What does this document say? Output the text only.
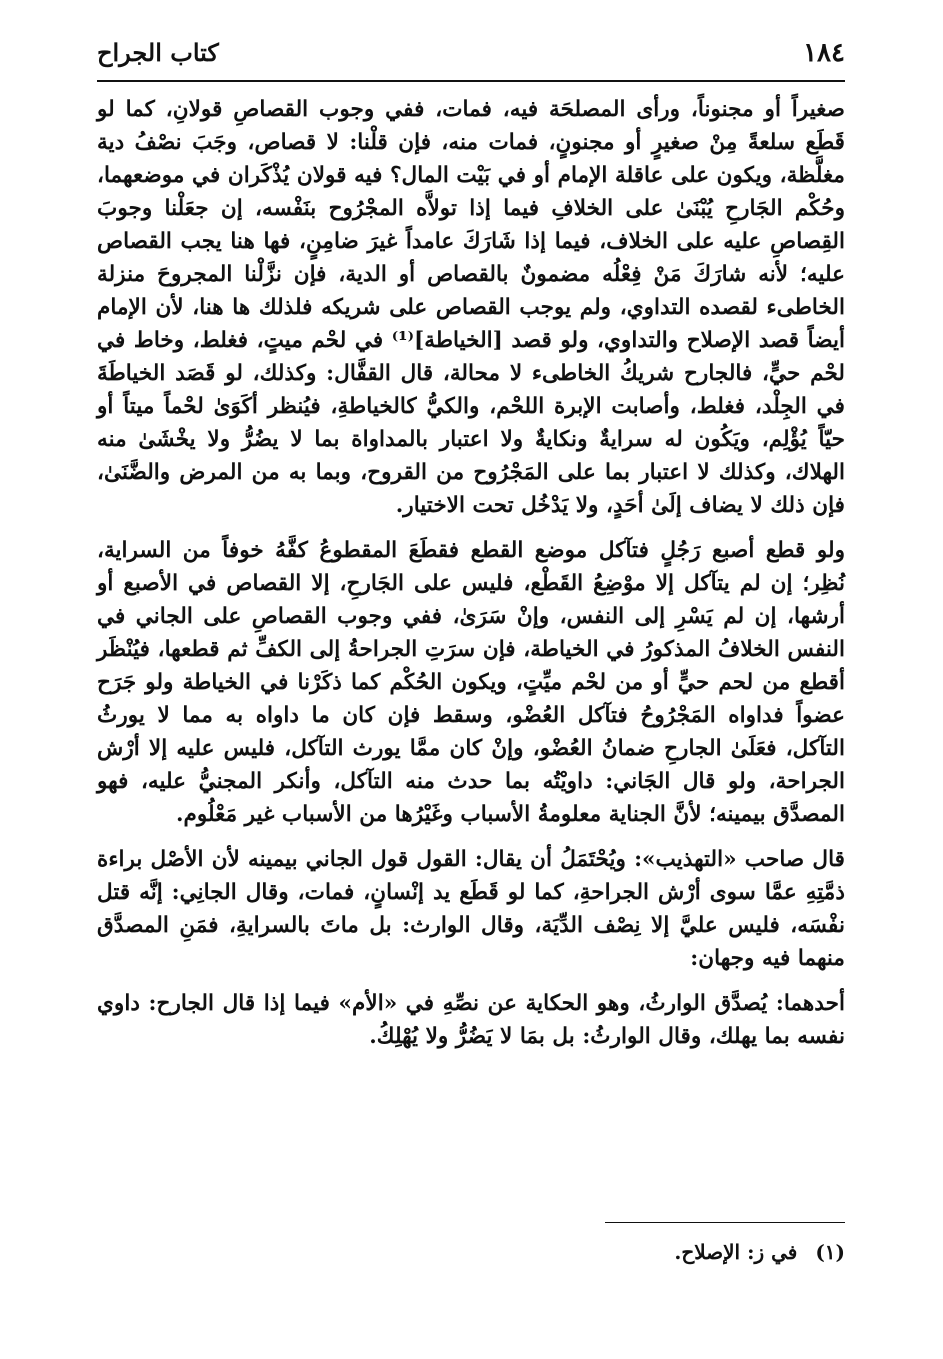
١٨٤
كتاب الجراح

صغيراً أو مجنوناً، ورأى المصلحَة فيه، فمات، ففي وجوب القصاصِ قولانِ، كما لو قَطَع سلعةً مِنْ صغيرٍ أو مجنونٍ، فمات منه، فإن قلْنا: لا قصاص، وجَبَ نصْفُ دية مغلَّظة، ويكون على عاقلة الإمام أو في بَيْت المال؟ فيه قولان يُذْكَران في موضعهما، وحُكْم الجَارحِ يُبْنَىٰ على الخلافِ فيما إذا تولاَّه المجْرُوح بنَفْسه، إن جعَلْنا وجوبَ القِصاصِ عليه على الخلاف، فيما إذا شَارَكَ عامداً غيرَ ضامِنٍ، فها هنا يجب القصاص عليه؛ لأنه شارَكَ مَنْ فِعْلُه مضمونٌ بالقصاص أو الدية، فإن نزَّلْنا المجروحَ منزلة الخاطىء لقصده التداوي، ولم يوجب القصاص على شريكه فلذلك ها هنا، لأن الإمام أيضاً قصد الإصلاح والتداوي، ولو قصد [الخياطة]⁽¹⁾ في لحْم ميتٍ، فغلط، وخاط في لحْم حيٍّ، فالجارح شريكُ الخاطىء لا محالة، قال القفَّال: وكذلك، لو قَصَد الخياطَةَ في الجِلْد، فغلط، وأصابت الإبرة اللحْم، والكيُّ كالخياطةِ، فيُنظر أكَوَىٰ لحْماً ميتاً أو حيّاً يُؤْلِم، ويَكُون له سرايةٌ ونكايةٌ ولا اعتبار بالمداواة بما لا يضُرُّ ولا يخْشَىٰ منه الهلاك، وكذلك لا اعتبار بما على المَجْرُوح من القروح، وبما به من المرض والضَّنَىٰ، فإن ذلك لا يضاف إلَىٰ أحَدٍ، ولا يَدْخُل تحت الاختيار.

ولو قطع أصبع رَجُلٍ فتآكل موضع القطع فقطَعَ المقطوعُ كفَّهُ خوفاً من السراية، نُظِر؛ إن لم يتآكل إلا موْضِعُ القَطْع، فليس على الجَارحِ، إلا القصاص في الأصبع أو أرشها، إن لم يَسْرِ إلى النفس، وإنْ سَرَىٰ، ففي وجوب القصاصِ على الجاني في النفس الخلافُ المذكورُ في الخياطة، فإن سرَتِ الجراحةُ إلى الكفِّ ثم قطعها، فيُنْظَر أقطع من لحم حيٍّ أو من لحْم ميِّتٍ، ويكون الحُكْم كما ذكَرْنا في الخياطة ولو جَرَح عضواً فداواه المَجْرُوحُ فتآكل العُضْو، وسقط فإن كان ما داواه به مما لا يورثُ التآكل، فعَلَىٰ الجارحِ ضمانُ العُضْو، وإنْ كان ممَّا يورث التآكل، فليس عليه إلا أرْش الجراحة، ولو قال الجَاني: داويْتُه بما حدث منه التآكل، وأنكر المجنيُّ عليه، فهو المصدَّق بيمينه؛ لأنَّ الجناية معلومةُ الأسباب وغَيْرُها من الأسباب غير مَعْلُوم.

قال صاحب «التهذيب»: ويُحْتَمَلُ أن يقال: القول قول الجاني بيمينه لأن الأصْل براءة ذمَّتِهِ عمَّا سوى أرْش الجراحةِ، كما لو قَطَع يد إنْسانٍ، فمات، وقال الجانِي: إنَّه قتل نفْسَه، فليس عليَّ إلا نِصْف الدِّيَة، وقال الوارث: بل ماتَ بالسرايةِ، فمَنِ المصدَّق منهما فيه وجهان:

أحدهما: يُصدَّق الوارثُ، وهو الحكاية عن نصِّهِ في «الأم» فيما إذا قال الجارح: داوي نفسه بما يهلك، وقال الوارثُ: بل بمَا لا يَضُرُّ ولا يُهْلِكُ.

(١)في ز: الإصلاح.
